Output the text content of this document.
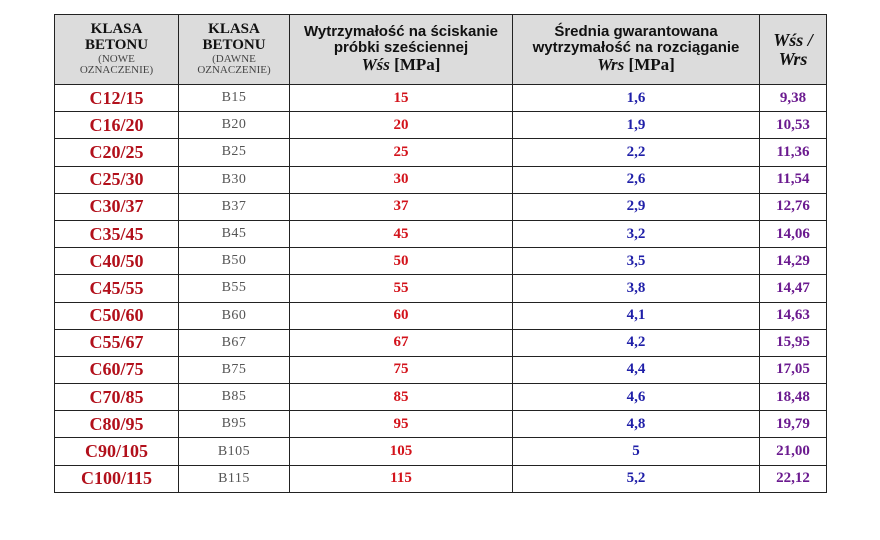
KLASA
BETONU
(NOWE
OZNACZENIE)	KLASA
BETONU
(DAWNE
OZNACZENIE)	Wytrzymałość na ściskanie
próbki sześciennej
Wśs [MPa]	Średnia gwarantowana
wytrzymałość na rozciąganie
Wrs [MPa]	Wśs /
Wrs

C12/15	B15	15	1,6	9,38
C16/20	B20	20	1,9	10,53
C20/25	B25	25	2,2	11,36
C25/30	B30	30	2,6	11,54
C30/37	B37	37	2,9	12,76
C35/45	B45	45	3,2	14,06
C40/50	B50	50	3,5	14,29
C45/55	B55	55	3,8	14,47
C50/60	B60	60	4,1	14,63
C55/67	B67	67	4,2	15,95
C60/75	B75	75	4,4	17,05
C70/85	B85	85	4,6	18,48
C80/95	B95	95	4,8	19,79
C90/105	B105	105	5	21,00
C100/115	B115	115	5,2	22,12
